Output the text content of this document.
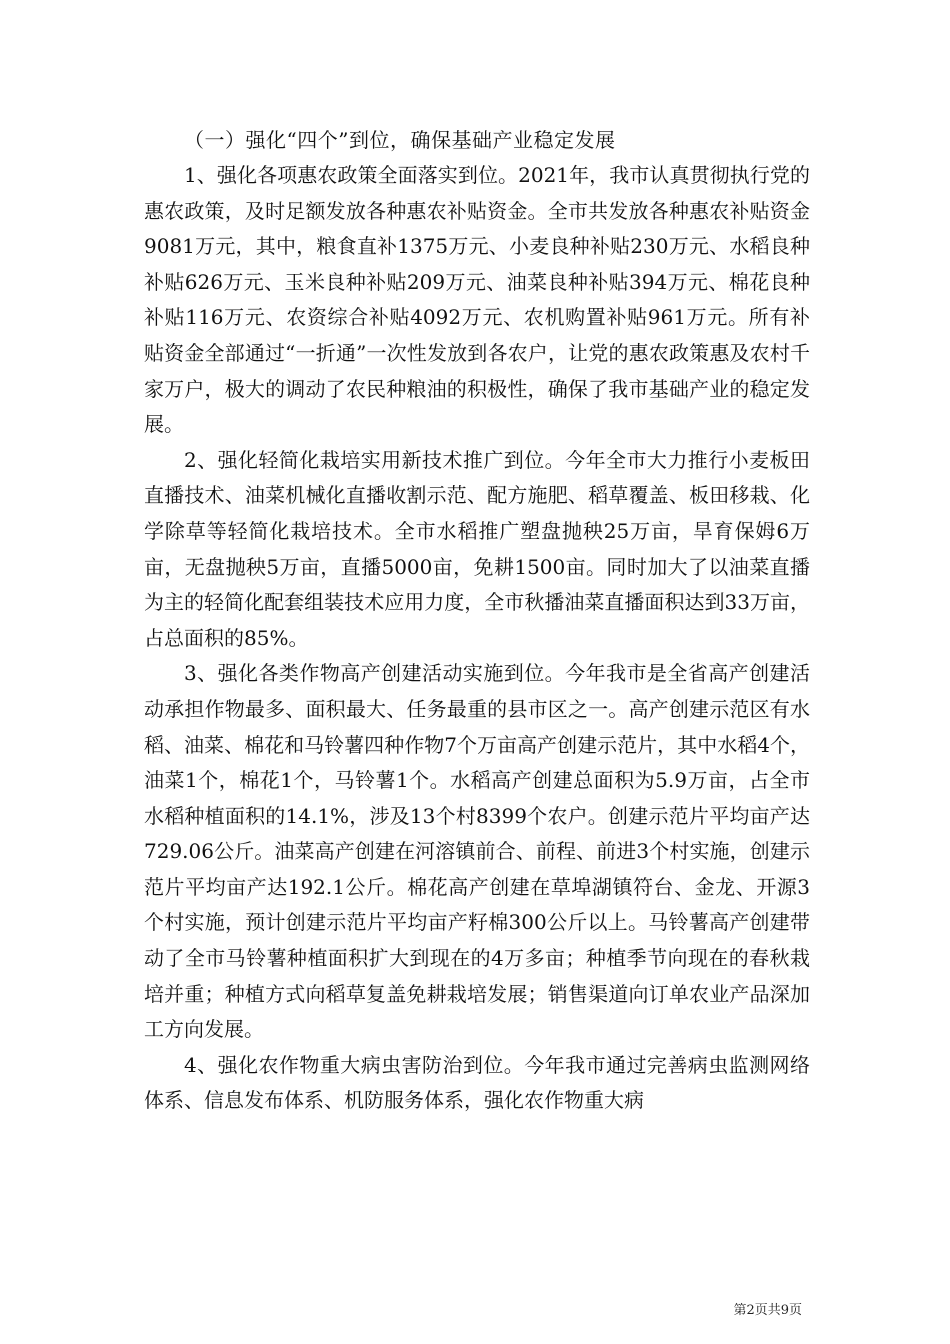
（一）强化“四个”到位，确保基础产业稳定发展

1、强化各项惠农政策全面落实到位。2021年，我市认真贯彻执行党的惠农政策，及时足额发放各种惠农补贴资金。全市共发放各种惠农补贴资金9081万元，其中，粮食直补1375万元、小麦良种补贴230万元、水稻良种补贴626万元、玉米良种补贴209万元、油菜良种补贴394万元、棉花良种补贴116万元、农资综合补贴4092万元、农机购置补贴961万元。所有补贴资金全部通过“一折通”一次性发放到各农户，让党的惠农政策惠及农村千家万户，极大的调动了农民种粮油的积极性，确保了我市基础产业的稳定发展。

2、强化轻简化栽培实用新技术推广到位。今年全市大力推行小麦板田直播技术、油菜机械化直播收割示范、配方施肥、稻草覆盖、板田移栽、化学除草等轻简化栽培技术。全市水稻推广塑盘抛秧25万亩，旱育保姆6万亩，无盘抛秧5万亩，直播5000亩，免耕1500亩。同时加大了以油菜直播为主的轻简化配套组装技术应用力度，全市秋播油菜直播面积达到33万亩，占总面积的85%。

3、强化各类作物高产创建活动实施到位。今年我市是全省高产创建活动承担作物最多、面积最大、任务最重的县市区之一。高产创建示范区有水稻、油菜、棉花和马铃薯四种作物7个万亩高产创建示范片，其中水稻4个，油菜1个，棉花1个，马铃薯1个。水稻高产创建总面积为5.9万亩，占全市水稻种植面积的14.1%，涉及13个村8399个农户。创建示范片平均亩产达729.06公斤。油菜高产创建在河溶镇前合、前程、前进3个村实施，创建示范片平均亩产达192.1公斤。棉花高产创建在草埠湖镇符台、金龙、开源3个村实施，预计创建示范片平均亩产籽棉300公斤以上。马铃薯高产创建带动了全市马铃薯种植面积扩大到现在的4万多亩；种植季节向现在的春秋栽培并重；种植方式向稻草复盖免耕栽培发展；销售渠道向订单农业产品深加工方向发展。

4、强化农作物重大病虫害防治到位。今年我市通过完善病虫监测网络体系、信息发布体系、机防服务体系，强化农作物重大病

第2页共9页
